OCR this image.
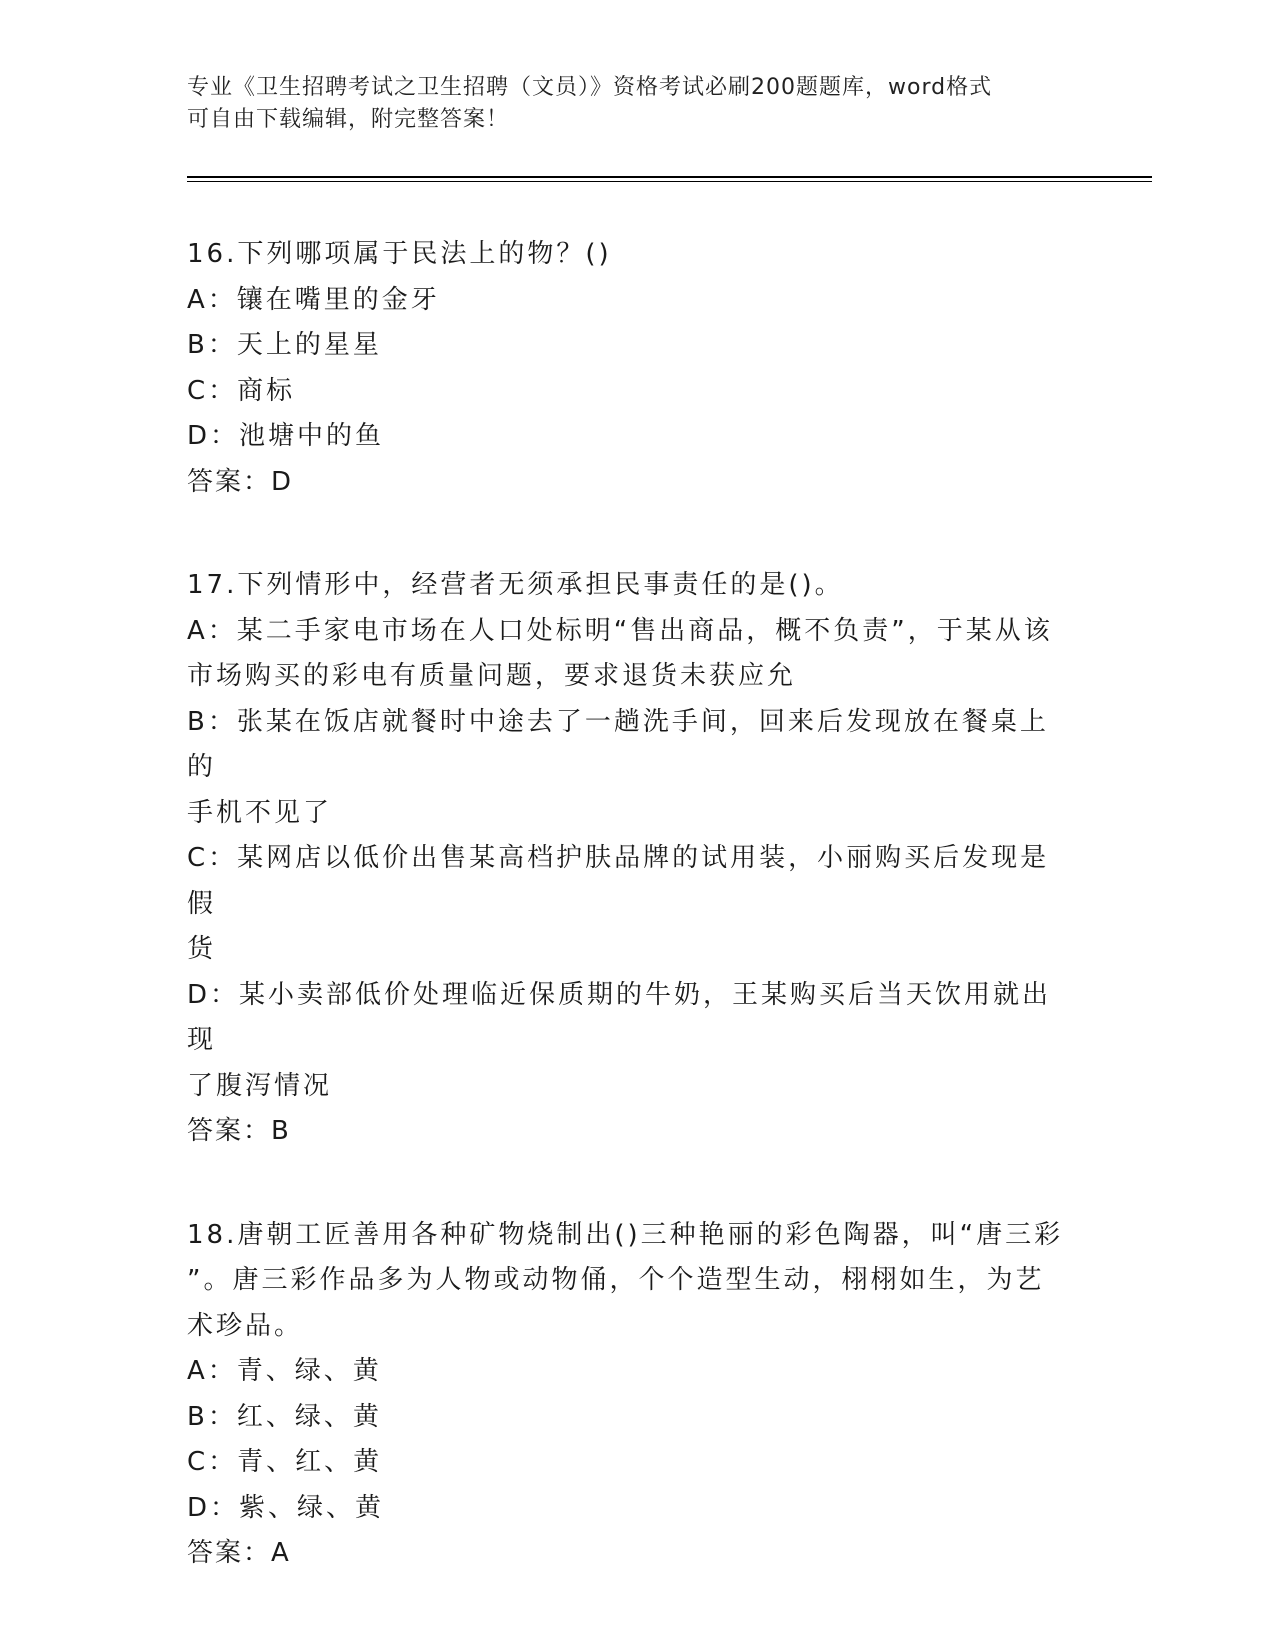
专业《卫生招聘考试之卫生招聘（文员）》资格考试必刷200题题库，word格式
可自由下载编辑，附完整答案！
16.下列哪项属于民法上的物？()
A：镶在嘴里的金牙
B：天上的星星
C：商标
D：池塘中的鱼
答案：D
17.下列情形中，经营者无须承担民事责任的是()。
A：某二手家电市场在人口处标明“售出商品，概不负责”，于某从该
市场购买的彩电有质量问题，要求退货未获应允
B：张某在饭店就餐时中途去了一趟洗手间，回来后发现放在餐桌上的
手机不见了
C：某网店以低价出售某高档护肤品牌的试用装，小丽购买后发现是假
货
D：某小卖部低价处理临近保质期的牛奶，王某购买后当天饮用就出现
了腹泻情况
答案：B
18.唐朝工匠善用各种矿物烧制出()三种艳丽的彩色陶器，叫“唐三彩
”。唐三彩作品多为人物或动物俑，个个造型生动，栩栩如生，为艺
术珍品。
A：青、绿、黄
B：红、绿、黄
C：青、红、黄
D：紫、绿、黄
答案：A
